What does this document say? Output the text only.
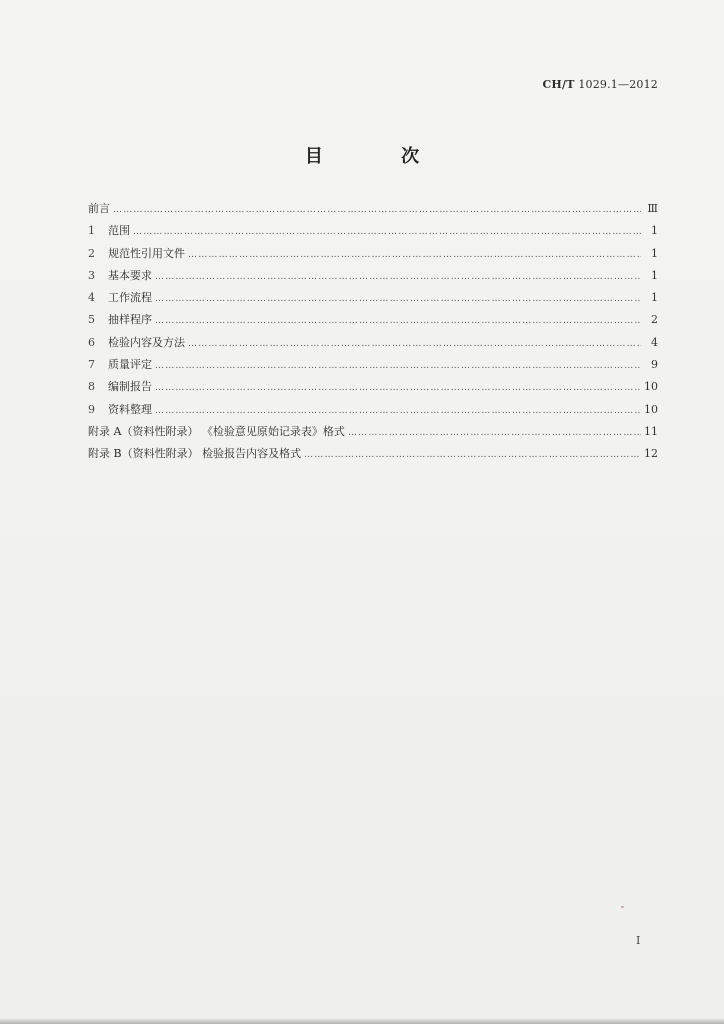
CH/T 1029.1—2012
目 次
前言 ……………………………………………………………………………………………………………………………………………………………………………………………………………………	Ⅲ
1	范围 ……………………………………………………………………………………………………………………………………………………………………………………………………………………	1
2	规范性引用文件 ……………………………………………………………………………………………………………………………………………………………………………………………………………………	1
3	基本要求 ……………………………………………………………………………………………………………………………………………………………………………………………………………………	1
4	工作流程 ……………………………………………………………………………………………………………………………………………………………………………………………………………………	1
5	抽样程序 ……………………………………………………………………………………………………………………………………………………………………………………………………………………	2
6	检验内容及方法 ……………………………………………………………………………………………………………………………………………………………………………………………………………………	4
7	质量评定 ……………………………………………………………………………………………………………………………………………………………………………………………………………………	9
8	编制报告 ……………………………………………………………………………………………………………………………………………………………………………………………………………………	10
9	资料整理 ……………………………………………………………………………………………………………………………………………………………………………………………………………………	10
附录 A（资料性附录） 《检验意见原始记录表》格式 ……………………………………………………………………………………………………………………………………………………………………………………………………………………	11
附录 B（资料性附录） 检验报告内容及格式 ……………………………………………………………………………………………………………………………………………………………………………………………………………………	12
I
